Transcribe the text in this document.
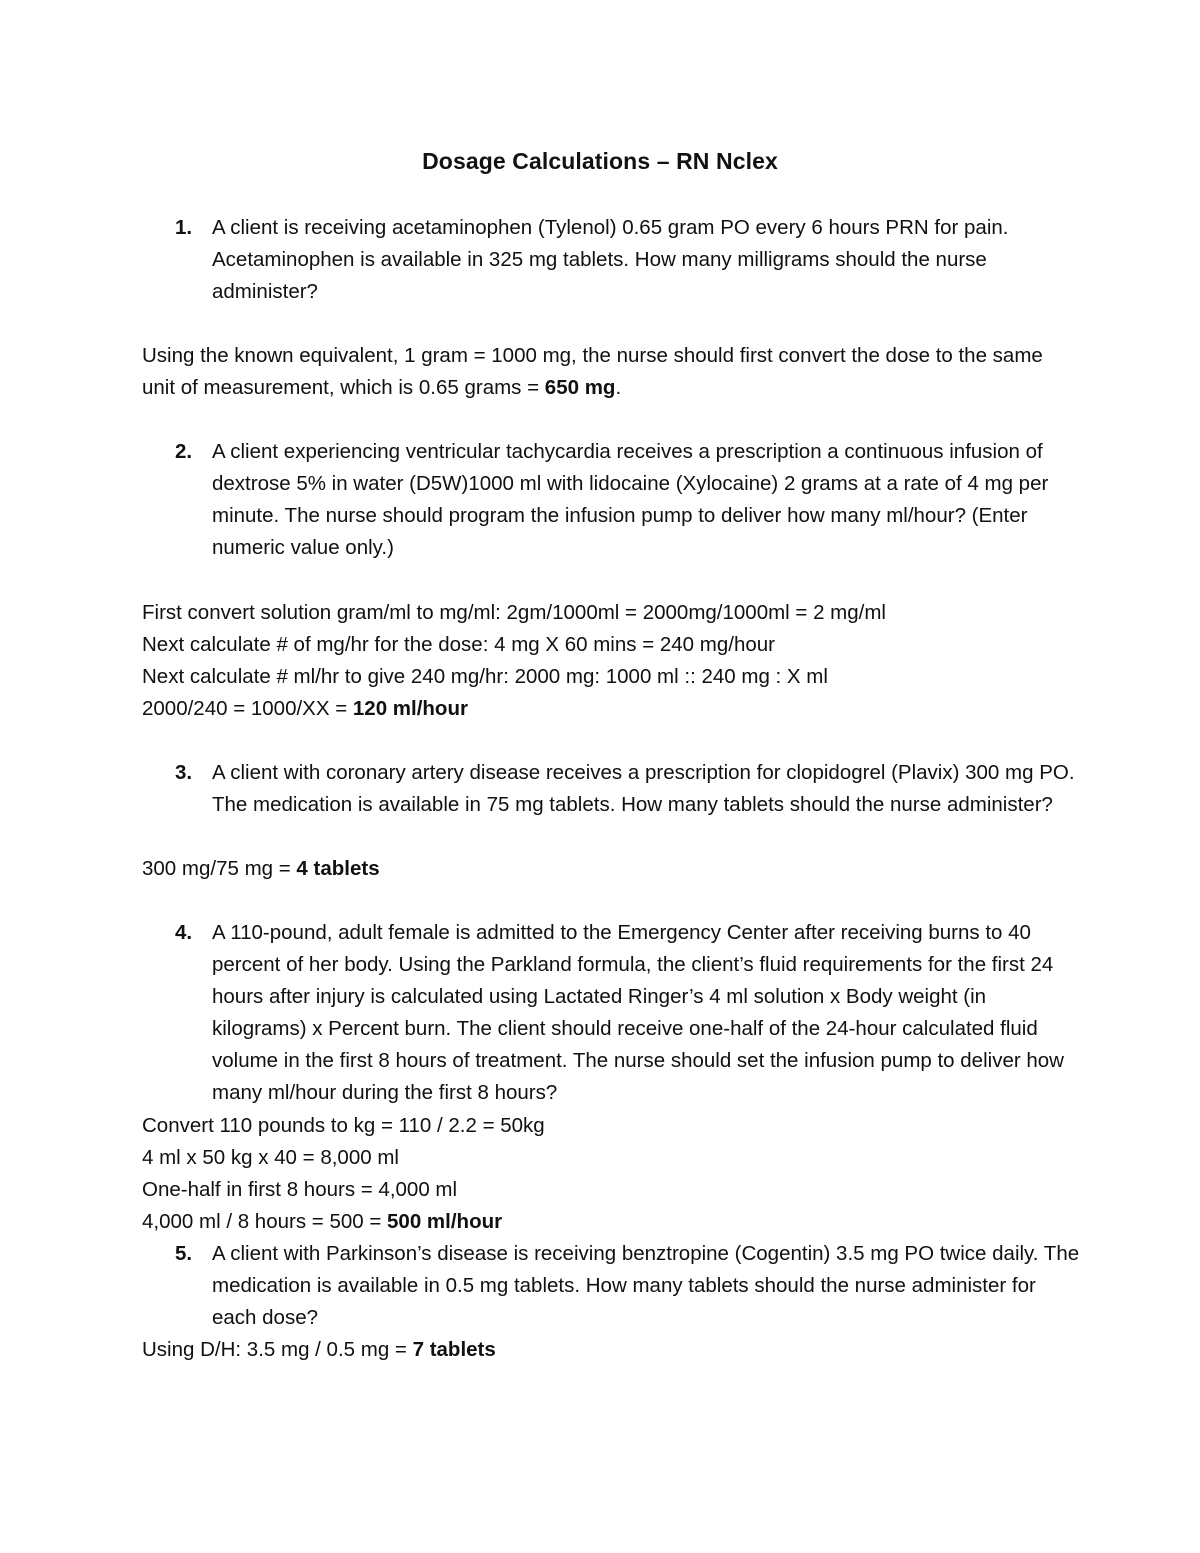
Dosage Calculations – RN Nclex
1. A client is receiving acetaminophen (Tylenol) 0.65 gram PO every 6 hours PRN for pain. Acetaminophen is available in 325 mg tablets. How many milligrams should the nurse administer?
Using the known equivalent, 1 gram = 1000 mg, the nurse should first convert the dose to the same unit of measurement, which is 0.65 grams = 650 mg.
2. A client experiencing ventricular tachycardia receives a prescription a continuous infusion of dextrose 5% in water (D5W)1000 ml with lidocaine (Xylocaine) 2 grams at a rate of 4 mg per minute. The nurse should program the infusion pump to deliver how many ml/hour? (Enter numeric value only.)
First convert solution gram/ml to mg/ml: 2gm/1000ml = 2000mg/1000ml = 2 mg/ml
Next calculate # of mg/hr for the dose: 4 mg X 60 mins = 240 mg/hour
Next calculate # ml/hr to give 240 mg/hr: 2000 mg: 1000 ml :: 240 mg : X ml
2000/240 = 1000/XX = 120 ml/hour
3. A client with coronary artery disease receives a prescription for clopidogrel (Plavix) 300 mg PO. The medication is available in 75 mg tablets. How many tablets should the nurse administer?
300 mg/75 mg = 4 tablets
4. A 110-pound, adult female is admitted to the Emergency Center after receiving burns to 40 percent of her body. Using the Parkland formula, the client’s fluid requirements for the first 24 hours after injury is calculated using Lactated Ringer’s 4 ml solution x Body weight (in kilograms) x Percent burn. The client should receive one-half of the 24-hour calculated fluid volume in the first 8 hours of treatment. The nurse should set the infusion pump to deliver how many ml/hour during the first 8 hours?
Convert 110 pounds to kg = 110 / 2.2 = 50kg
4 ml x 50 kg x 40 = 8,000 ml
One-half in first 8 hours = 4,000 ml
4,000 ml / 8 hours = 500 = 500 ml/hour
5. A client with Parkinson’s disease is receiving benztropine (Cogentin) 3.5 mg PO twice daily. The medication is available in 0.5 mg tablets. How many tablets should the nurse administer for each dose?
Using D/H: 3.5 mg / 0.5 mg = 7 tablets
